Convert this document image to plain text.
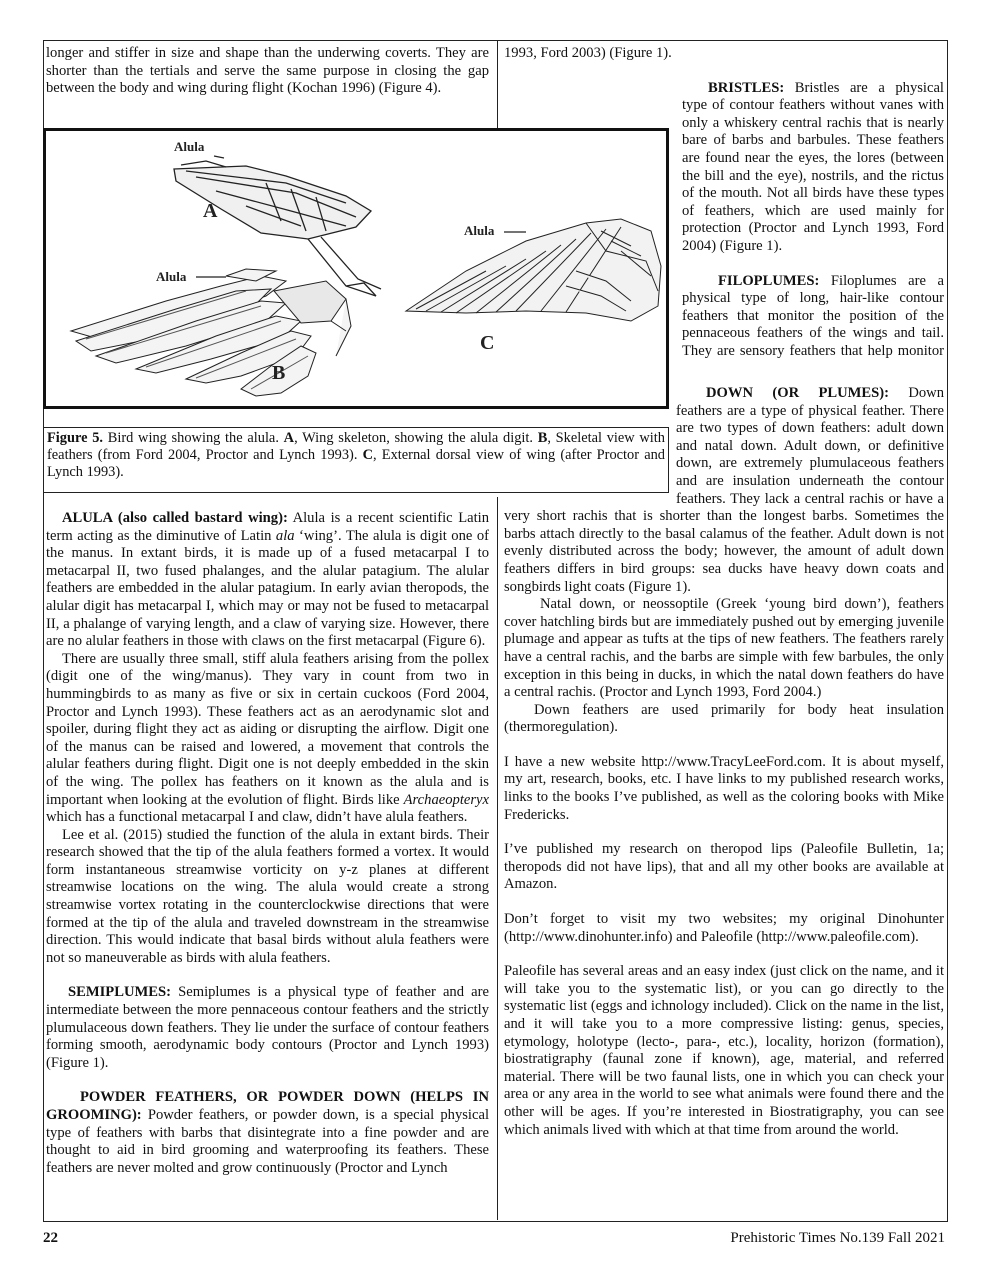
longer and stiffer in size and shape than the underwing coverts. They are shorter than the tertials and serve the same purpose in closing the gap between the body and wing during flight (Kochan 1996) (Figure 4).

1993, Ford 2003) (Figure 1).

BRISTLES: Bristles are a physical type of contour feathers without vanes with only a whiskery central rachis that is nearly bare of barbs and barbules. These feathers are found near the eyes, the lores (between the bill and the eye), nostrils, and the rictus of the mouth. Not all birds have these types of feathers, which are used mainly for protection (Proctor and Lynch 1993, Ford 2004) (Figure 1).

FILOPLUMES: Filoplumes are a physical type of long, hair-like contour feathers that monitor the position of the pennaceous feathers of the wings and tail. They are sensory feathers that help monitor

DOWN (OR PLUMES): Down feathers are a type of physical feather. There are two types of down feathers: adult down and natal down. Adult down, or definitive down, are extremely plumulaceous feathers and are insulation underneath the contour feathers. They lack a central rachis or have a very short rachis that is shorter than the longest barbs. Sometimes the barbs attach directly to the basal calamus of the feather. Adult down is not evenly distributed across the body; however, the amount of adult down feathers differs in bird groups: sea ducks have heavy down coats and songbirds light coats (Figure 1).

Natal down, or neossoptile (Greek ‘young bird down’), feathers cover hatchling birds but are immediately pushed out by emerging juvenile plumage and appear as tufts at the tips of new feathers. The feathers rarely have a central rachis, and the barbs are simple with few barbules, the only exception in this being in ducks, in which the natal down feathers do have a central rachis. (Proctor and Lynch 1993, Ford 2004.)

Down feathers are used primarily for body heat insulation (thermoregulation).

I have a new website http://www.TracyLeeFord.com. It is about myself, my art, research, books, etc. I have links to my published research works, links to the books I’ve published, as well as the coloring books with Mike Fredericks.

I’ve published my research on theropod lips (Paleofile Bulletin, 1a; theropods did not have lips), that and all my other books are available at Amazon.

Don’t forget to visit my two websites; my original Dinohunter (http://www.dinohunter.info) and Paleofile (http://www.paleofile.com).

Paleofile has several areas and an easy index (just click on the name, and it will take you to the systematic list), or you can go directly to the systematic list (eggs and ichnology included). Click on the name in the list, and it will take you to a more compressive listing: genus, species, etymology, holotype (lecto-, para-, etc.), locality, horizon (formation), biostratigraphy (faunal zone if known), age, material, and referred material. There will be two faunal lists, one in which you can check your area or any area in the world to see what animals were found there and the other will be ages. If you’re interested in Biostratigraphy, you can see which animals lived with which at that time from around the world.

Alula
A
Alula
B
Alula
C
Figure 5. Bird wing showing the alula. A, Wing skeleton, showing the alula digit. B, Skeletal view with feathers (from Ford 2004, Proctor and Lynch 1993). C, External dorsal view of wing (after Proctor and Lynch 1993).

ALULA (also called bastard wing): Alula is a recent scientific Latin term acting as the diminutive of Latin ala ‘wing’. The alula is digit one of the manus. In extant birds, it is made up of a fused metacarpal I to metacarpal II, two fused phalanges, and the alular patagium. The alular feathers are embedded in the alular patagium. In early avian theropods, the alular digit has metacarpal I, which may or may not be fused to metacarpal II, a phalange of varying length, and a claw of varying size. However, there are no alular feathers in those with claws on the first metacarpal (Figure 6).

There are usually three small, stiff alula feathers arising from the pollex (digit one of the wing/manus). They vary in count from two in hummingbirds to as many as five or six in certain cuckoos (Ford 2004, Proctor and Lynch 1993). These feathers act as an aerodynamic slot and spoiler, during flight they act as aiding or disrupting the airflow. Digit one of the manus can be raised and lowered, a movement that controls the alular feathers during flight. Digit one is not deeply embedded in the skin of the wing. The pollex has feathers on it known as the alula and is important when looking at the evolution of flight. Birds like Archaeopteryx which has a functional metacarpal I and claw, didn’t have alula feathers.

Lee et al. (2015) studied the function of the alula in extant birds. Their research showed that the tip of the alula feathers formed a vortex. It would form instantaneous streamwise vorticity on y-z planes at different streamwise locations on the wing. The alula would create a strong streamwise vortex rotating in the counterclockwise directions that were formed at the tip of the alula and traveled downstream in the streamwise direction. This would indicate that basal birds without alula feathers were not so maneuverable as birds with alula feathers.

SEMIPLUMES: Semiplumes is a physical type of feather and are intermediate between the more pennaceous contour feathers and the strictly plumulaceous down feathers. They lie under the surface of contour feathers forming smooth, aerodynamic body contours (Proctor and Lynch 1993) (Figure 1).

POWDER FEATHERS, OR POWDER DOWN (HELPS IN GROOMING): Powder feathers, or powder down, is a special physical type of feathers with barbs that disintegrate into a fine powder and are thought to aid in bird grooming and waterproofing its feathers. These feathers are never molted and grow continuously (Proctor and Lynch

22	Prehistoric Times No.139 Fall 2021
